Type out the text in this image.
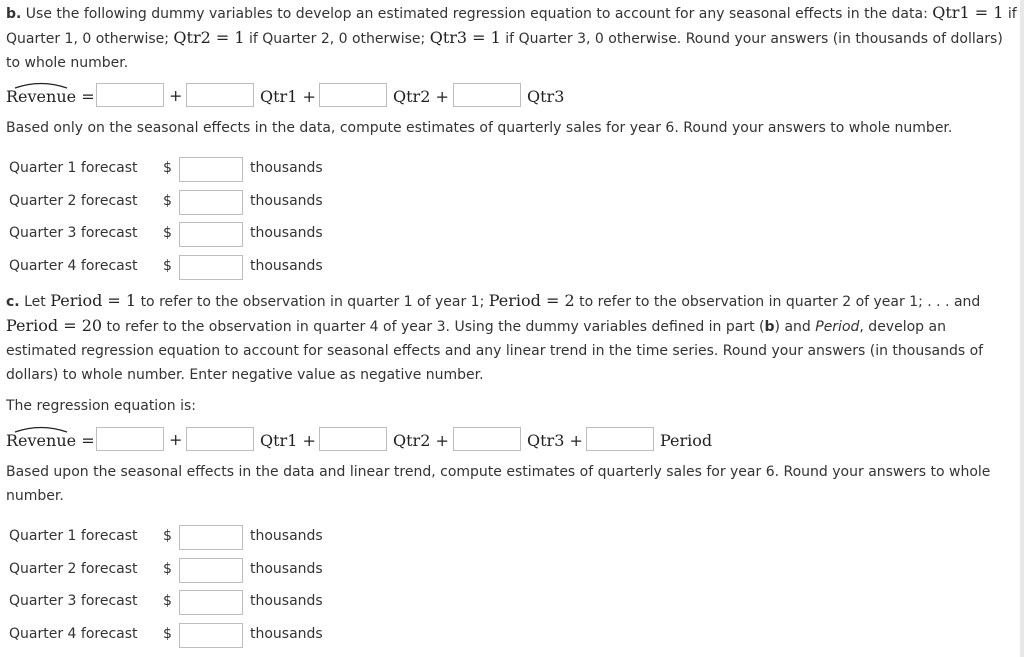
b. Use the following dummy variables to develop an estimated regression equation to account for any seasonal effects in the data: Qtr1 = 1 if Quarter 1, 0 otherwise; Qtr2 = 1 if Quarter 2, 0 otherwise; Qtr3 = 1 if Quarter 3, 0 otherwise. Round your answers (in thousands of dollars) to whole number.

Revenue =	+	Qtr1 +	Qtr2 +	Qtr3

Based only on the seasonal effects in the data, compute estimates of quarterly sales for year 6. Round your answers to whole number.

Quarter 1 forecast $	thousands
Quarter 2 forecast $	thousands
Quarter 3 forecast $	thousands
Quarter 4 forecast $	thousands

c. Let Period = 1 to refer to the observation in quarter 1 of year 1; Period = 2 to refer to the observation in quarter 2 of year 1; . . . and Period = 20 to refer to the observation in quarter 4 of year 3. Using the dummy variables defined in part (b) and Period, develop an estimated regression equation to account for seasonal effects and any linear trend in the time series. Round your answers (in thousands of dollars) to whole number. Enter negative value as negative number.

The regression equation is:

Revenue =	+	Qtr1 +	Qtr2 +	Qtr3 +	Period

Based upon the seasonal effects in the data and linear trend, compute estimates of quarterly sales for year 6. Round your answers to whole number.

Quarter 1 forecast $	thousands
Quarter 2 forecast $	thousands
Quarter 3 forecast $	thousands
Quarter 4 forecast $	thousands
